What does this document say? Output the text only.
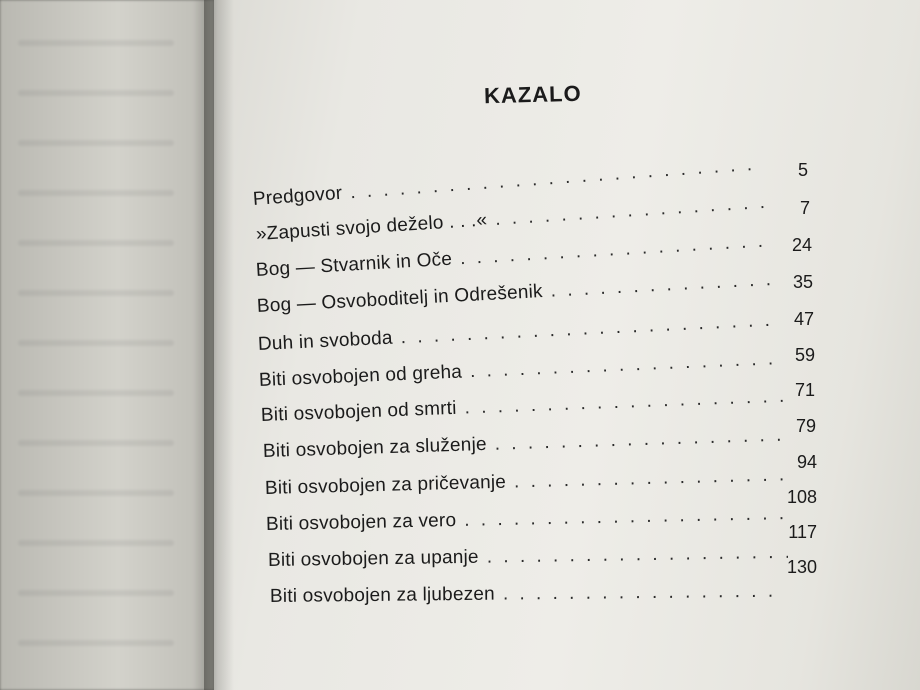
KAZALO
Predgovor
. . .
»Zapusti svojo deželo . . .«
. . .
Bog — Stvarnik in Oče
. . .
Bog — Osvoboditelj in Odrešenik
. . .
Duh in svoboda
. . .
Biti osvobojen od greha
. . .
Biti osvobojen od smrti
. . .
Biti osvobojen za služenje
. . .
Biti osvobojen za pričevanje
. . .
Biti osvobojen za vero
. . .
Biti osvobojen za upanje
. . .
Biti osvobojen za ljubezen
. . .
5
7
24
35
47
59
71
79
94
108
117
130
